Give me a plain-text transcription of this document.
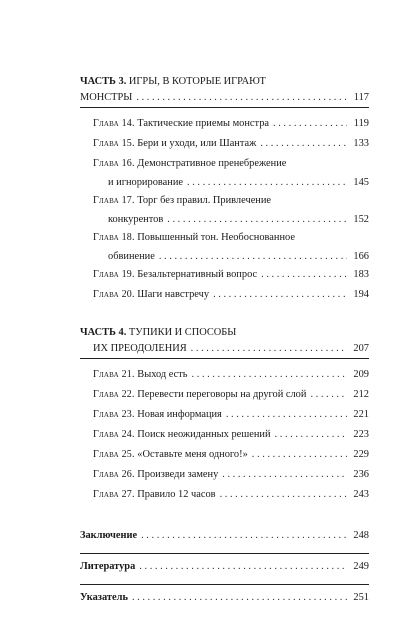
ЧАСТЬ 3. ИГРЫ, В КОТОРЫЕ ИГРАЮТ
МОНСТРЫ . . .	117
Глава 14. Тактические приемы монстра . . .	119
Глава 15. Бери и уходи, или Шантаж . . .	133
Глава 16. Демонстративное пренебрежение
и игнорирование . . .	145
Глава 17. Торг без правил. Привлечение
конкурентов . . .	152
Глава 18. Повышенный тон. Необоснованное
обвинение . . .	166
Глава 19. Безальтернативный вопрос . . .	183
Глава 20. Шаги навстречу . . .	194
ЧАСТЬ 4. ТУПИКИ И СПОСОБЫ
ИХ ПРЕОДОЛЕНИЯ . . .	207
Глава 21. Выход есть . . .	209
Глава 22. Перевести переговоры на другой слой . . .	212
Глава 23. Новая информация . . .	221
Глава 24. Поиск неожиданных решений . . .	223
Глава 25. «Оставьте меня одного!» . . .	229
Глава 26. Произведи замену . . .	236
Глава 27. Правило 12 часов . . .	243
Заключение . . .	248
Литература . . .	249
Указатель . . .	251
